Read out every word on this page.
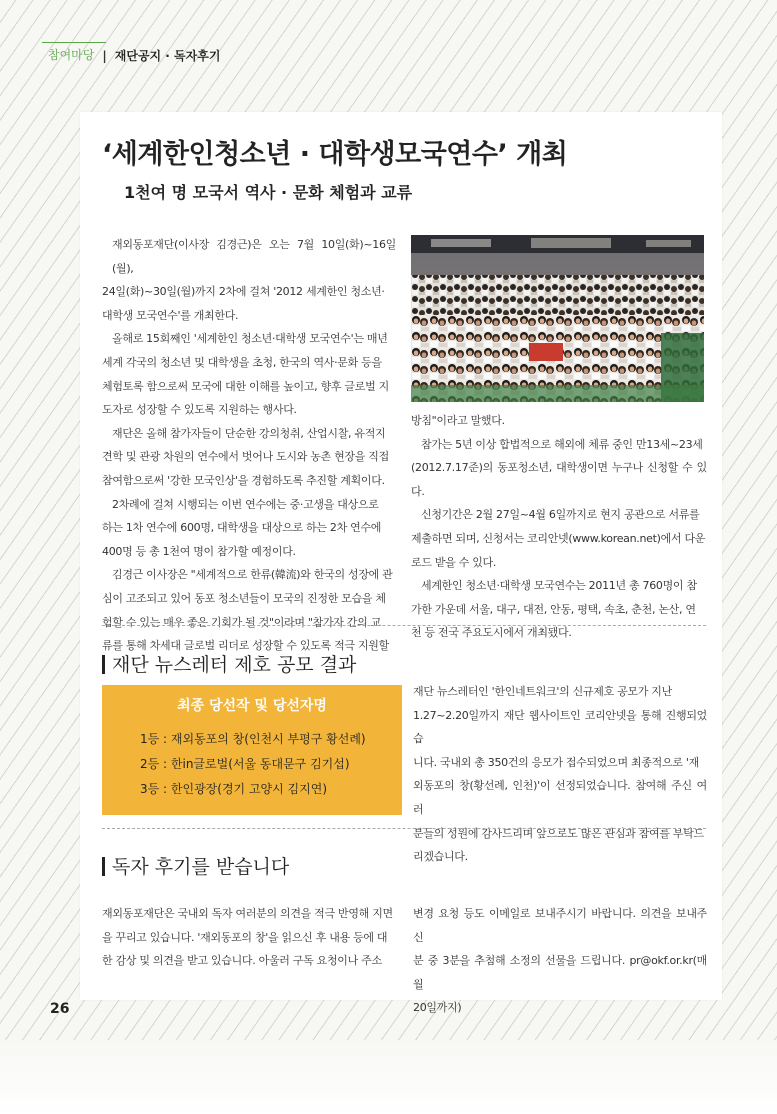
참여마당 | 재단공지 · 독자후기
‘세계한인청소년 · 대학생모국연수’ 개최
1천여 명 모국서 역사 · 문화 체험과 교류
재외동포재단(이사장 김경근)은 오는 7월 10일(화)~16일(월),
24일(화)~30일(월)까지 2차에 걸쳐 '2012 세계한인 청소년·
대학생 모국연수'를 개최한다.
올해로 15회째인 '세계한인 청소년·대학생 모국연수'는 매년
세계 각국의 청소년 및 대학생을 초청, 한국의 역사·문화 등을
체험토록 함으로써 모국에 대한 이해를 높이고, 향후 글로벌 지
도자로 성장할 수 있도록 지원하는 행사다.
재단은 올해 참가자들이 단순한 강의청취, 산업시찰, 유적지
견학 및 관광 차원의 연수에서 벗어나 도시와 농촌 현장을 직접
참여함으로써 '강한 모국인상'을 경험하도록 추진할 계획이다.
2차례에 걸쳐 시행되는 이번 연수에는 중·고생을 대상으로
하는 1차 연수에 600명, 대학생을 대상으로 하는 2차 연수에
400명 등 총 1천여 명이 참가할 예정이다.
김경근 이사장은 "세계적으로 한류(韓流)와 한국의 성장에 관
심이 고조되고 있어 동포 청소년들이 모국의 진정한 모습을 체
험할 수 있는 매우 좋은 기회가 될 것"이라며 "참가자 간의 교
류를 통해 차세대 글로벌 리더로 성장할 수 있도록 적극 지원할
방침"이라고 말했다.
참가는 5년 이상 합법적으로 해외에 체류 중인 만13세~23세
(2012.7.17준)의 동포청소년, 대학생이면 누구나 신청할 수 있다.
신청기간은 2월 27일~4월 6일까지로 현지 공관으로 서류를
제출하면 되며, 신청서는 코리안넷(www.korean.net)에서 다운
로드 받을 수 있다.
세계한인 청소년·대학생 모국연수는 2011년 총 760명이 참
가한 가운데 서울, 대구, 대전, 안동, 평택, 속초, 춘천, 논산, 연
천 등 전국 주요도시에서 개최됐다.
재단 뉴스레터 제호 공모 결과
최종 당선작 및 당선자명
1등 : 재외동포의 창(인천시 부평구 황선례)
2등 : 한in글로벌(서울 동대문구 김기섭)
3등 : 한인광장(경기 고양시 김지연)
재단 뉴스레터인 '한인네트워크'의 신규제호 공모가 지난
1.27~2.20일까지 재단 웹사이트인 코리안넷을 통해 진행되었습
니다. 국내외 총 350건의 응모가 접수되었으며 최종적으로 '재
외동포의 창(황선례, 인천)'이 선정되었습니다. 참여해 주신 여러
분들의 성원에 감사드리며 앞으로도 많은 관심과 참여를 부탁드
리겠습니다.
독자 후기를 받습니다
재외동포재단은 국내외 독자 여러분의 의견을 적극 반영해 지면
을 꾸리고 있습니다. '재외동포의 창'을 읽으신 후 내용 등에 대
한 감상 및 의견을 받고 있습니다. 아울러 구독 요청이나 주소
변경 요청 등도 이메일로 보내주시기 바랍니다. 의견을 보내주신
분 중 3분을 추첨해 소정의 선물을 드립니다. pr@okf.or.kr(매월
20일까지)
26
